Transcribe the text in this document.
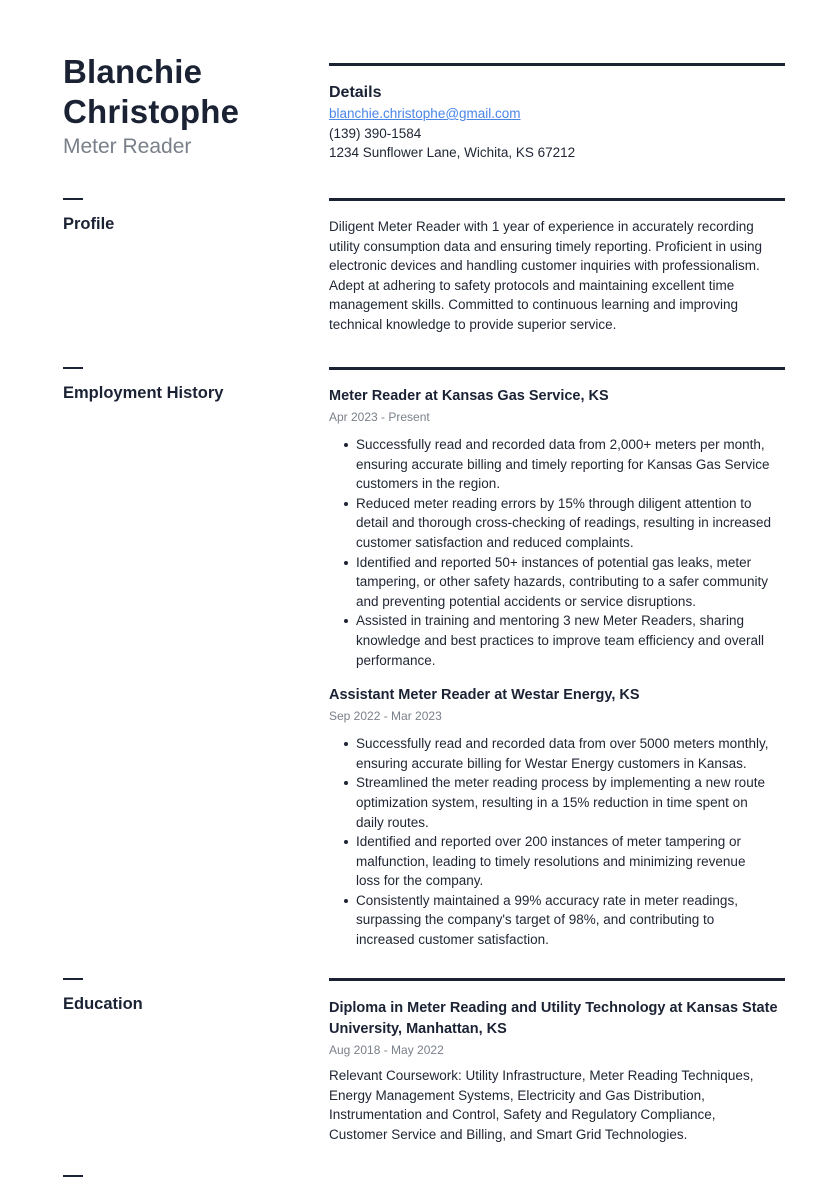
Blanchie
Christophe
Meter Reader
Details
blanchie.christophe@gmail.com
(139) 390-1584
1234 Sunflower Lane, Wichita, KS 67212
Profile	Diligent Meter Reader with 1 year of experience in accurately recording
utility consumption data and ensuring timely reporting. Proficient in using
electronic devices and handling customer inquiries with professionalism.
Adept at adhering to safety protocols and maintaining excellent time
management skills. Committed to continuous learning and improving
technical knowledge to provide superior service.
Employment History	Meter Reader at Kansas Gas Service, KS
Apr 2023 - Present
Successfully read and recorded data from 2,000+ meters per month,
ensuring accurate billing and timely reporting for Kansas Gas Service
customers in the region.
Reduced meter reading errors by 15% through diligent attention to
detail and thorough cross-checking of readings, resulting in increased
customer satisfaction and reduced complaints.
Identified and reported 50+ instances of potential gas leaks, meter
tampering, or other safety hazards, contributing to a safer community
and preventing potential accidents or service disruptions.
Assisted in training and mentoring 3 new Meter Readers, sharing
knowledge and best practices to improve team efficiency and overall
performance.
Assistant Meter Reader at Westar Energy, KS
Sep 2022 - Mar 2023
Successfully read and recorded data from over 5000 meters monthly,
ensuring accurate billing for Westar Energy customers in Kansas.
Streamlined the meter reading process by implementing a new route
optimization system, resulting in a 15% reduction in time spent on
daily routes.
Identified and reported over 200 instances of meter tampering or
malfunction, leading to timely resolutions and minimizing revenue
loss for the company.
Consistently maintained a 99% accuracy rate in meter readings,
surpassing the company's target of 98%, and contributing to
increased customer satisfaction.
Education	Diploma in Meter Reading and Utility Technology at Kansas State
University, Manhattan, KS
Aug 2018 - May 2022
Relevant Coursework: Utility Infrastructure, Meter Reading Techniques,
Energy Management Systems, Electricity and Gas Distribution,
Instrumentation and Control, Safety and Regulatory Compliance,
Customer Service and Billing, and Smart Grid Technologies.
